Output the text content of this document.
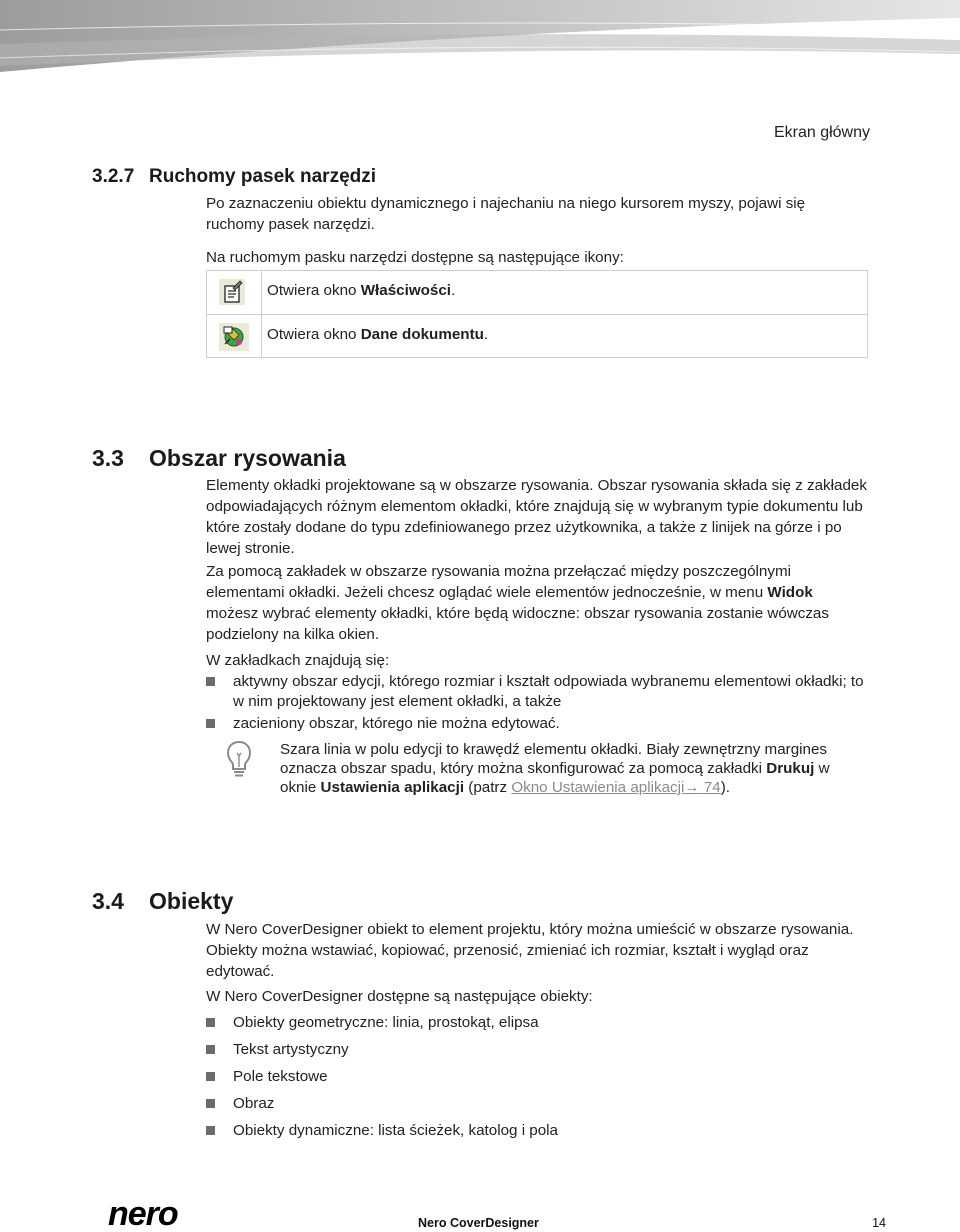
Ekran główny
3.2.7 Ruchomy pasek narzędzi
Po zaznaczeniu obiektu dynamicznego i najechaniu na niego kursorem myszy, pojawi się ruchomy pasek narzędzi.
Na ruchomym pasku narzędzi dostępne są następujące ikony:
Otwiera okno Właściwości.
Otwiera okno Dane dokumentu.
3.3 Obszar rysowania
Elementy okładki projektowane są w obszarze rysowania. Obszar rysowania składa się z zakładek odpowiadających różnym elementom okładki, które znajdują się w wybranym typie dokumentu lub które zostały dodane do typu zdefiniowanego przez użytkownika, a także z linijek na górze i po lewej stronie.
Za pomocą zakładek w obszarze rysowania można przełączać między poszczególnymi elementami okładki. Jeżeli chcesz oglądać wiele elementów jednocześnie, w menu Widok możesz wybrać elementy okładki, które będą widoczne: obszar rysowania zostanie wówczas podzielony na kilka okien.
W zakładkach znajdują się:
aktywny obszar edycji, którego rozmiar i kształt odpowiada wybranemu elementowi okładki; to w nim projektowany jest element okładki, a także
zacieniony obszar, którego nie można edytować.
Szara linia w polu edycji to krawędź elementu okładki. Biały zewnętrzny margines oznacza obszar spadu, który można skonfigurować za pomocą zakładki Drukuj w oknie Ustawienia aplikacji (patrz Okno Ustawienia aplikacji→ 74).
3.4 Obiekty
W Nero CoverDesigner obiekt to element projektu, który można umieścić w obszarze rysowania. Obiekty można wstawiać, kopiować, przenosić, zmieniać ich rozmiar, kształt i wygląd oraz edytować.
W Nero CoverDesigner dostępne są następujące obiekty:
Obiekty geometryczne: linia, prostokąt, elipsa
Tekst artystyczny
Pole tekstowe
Obraz
Obiekty dynamiczne: lista ścieżek, katolog i pola
nero	Nero CoverDesigner	14
